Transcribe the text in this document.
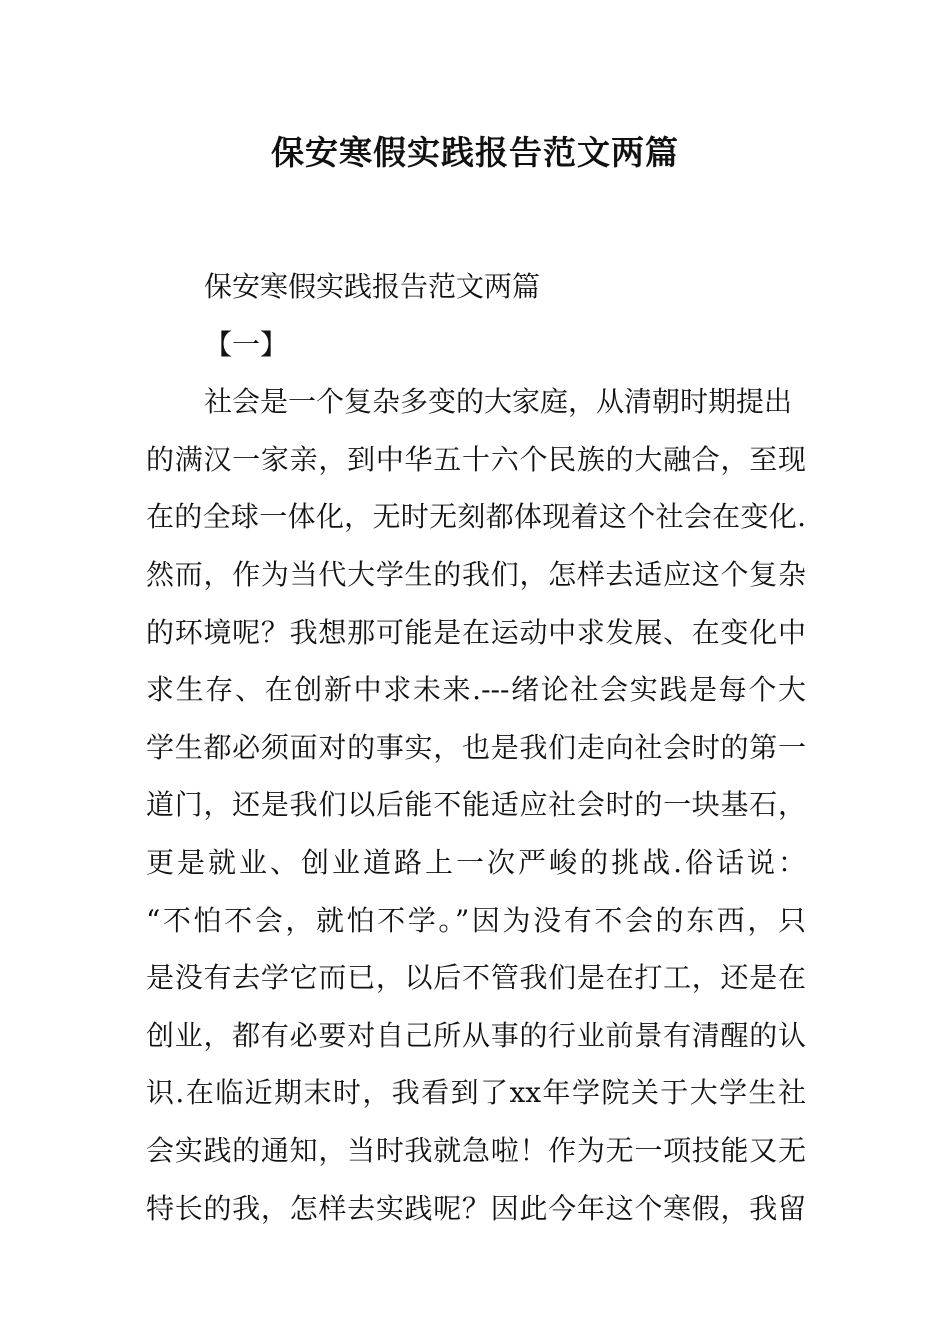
保安寒假实践报告范文两篇
保安寒假实践报告范文两篇
【一】
社会是一个复杂多变的大家庭，从清朝时期提出
的满汉一家亲，到中华五十六个民族的大融合，至现
在的全球一体化，无时无刻都体现着这个社会在变化.
然而，作为当代大学生的我们，怎样去适应这个复杂
的环境呢？我想那可能是在运动中求发展、在变化中
求生存、在创新中求未来.---绪论社会实践是每个大
学生都必须面对的事实，也是我们走向社会时的第一
道门，还是我们以后能不能适应社会时的一块基石，
更是就业、创业道路上一次严峻的挑战.俗话说：
“不怕不会，就怕不学。”因为没有不会的东西，只
是没有去学它而已，以后不管我们是在打工，还是在
创业，都有必要对自己所从事的行业前景有清醒的认
识.在临近期末时，我看到了xx年学院关于大学生社
会实践的通知，当时我就急啦！作为无一项技能又无
特长的我，怎样去实践呢？因此今年这个寒假，我留
